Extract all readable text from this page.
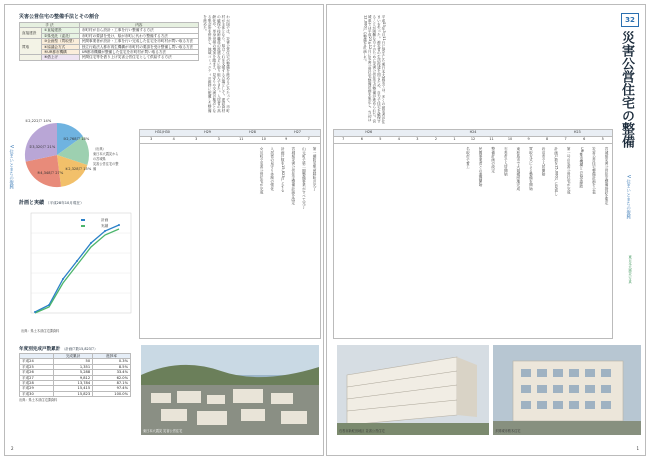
V 住まいとまちの復興
災害公営住宅の整備手法とその割合
手 法		内容
直接建設	①直接建設	市町村が自ら設計・工事を行い整備する方法
	②県受託（委託）	市町村の要請を受け、県が市町に代わり整備する方法
買取	③企画型（買取型）	民間事業者が設計・工事を行い完成した住宅を市町村が買い取る方法
	④協議会方式	独立行政法人都市再生機構が市町村の要請を受け整備し買い取る方法
	⑤UR都市機構	UR都市機構が整備した住宅を市町村が買い取る方法
	⑥借上げ	民間住宅等を借り上げ災害公営住宅として供給する方法
①2,222戸 14%
②3,320戸 21%
③2,768戸 18%
④2,328戸 15%
⑤4,348戸 27%
（出典）
東日本大震災からの宮城県
災害公営住宅の整備
計画と実績 （平成28年10月現在）
計画
実績
出典：県土木部住宅課資料
年度別完成戸数累計 （計画戸数15,823戸）
	完成累計	進捗率
平成24	50	0.3%
平成25	1,351	8.5%
平成26	5,288	33.4%
平成27	9,812	62.0%
平成28	13,784	87.1%
平成29	15,415	97.4%
平成30	15,823	100.0%
出典：県土木部住宅課資料
わが国では、災害公営住宅の整備を進めるにあたって、市町村が主体となり、県はこれを支援する立場として、建設資材の確保や技術職員の派遣などに取り組んできた。入居者の高齢化や、単身世帯の増加を踏まえ、見守りや交流の拠点となる集会所を併設し、地域コミュニティの維持に配慮した整備を進めた。
H31/H30	H29	H28	H27
3	4	3	3	11	10	9	7
第一期防災集団移転の完了
山元町で第二期整備事業がすべて完了
宮城県災害公営住宅整備計画を改定
計画戸数を15,823戸とする
入居者の見守り体制の強化
女川町で災害公営住宅が完成
東日本大震災 災害公営住宅
2
32
災害公営住宅の整備
V 住まいとまちの復興
平成23年3月11日に発生した東日本大震災では、多くの被災者が住まいを失った。被災者の生活再建を図るため、自力で住宅を確保することが困難な方々のために災害公営住宅の整備が進められた。宮城県では平成23年12月に災害公営住宅整備計画を策定し、当初は12,000戸の整備を計画した。
H26	H24	H23
7	6	5	4	3	2	1	12	11	10	9	8	7	6	5
宮城県災害公営住宅整備指針を策定
災害公営住宅整備計画を公表
UR都市機構との協定締結
第一号の災害公営住宅が完成
計画戸数を15,000戸に見直し
岩沼市で入居開始
買取方式による整備を開始
東松島市で大規模団地完成
石巻市で入居開始
整備計画の改定
民間事業者との連携開始
名取市で着工
東日本大震災 写真
石巻市新蛇田地区 災害公営住宅	多賀城市桜木住宅
1
